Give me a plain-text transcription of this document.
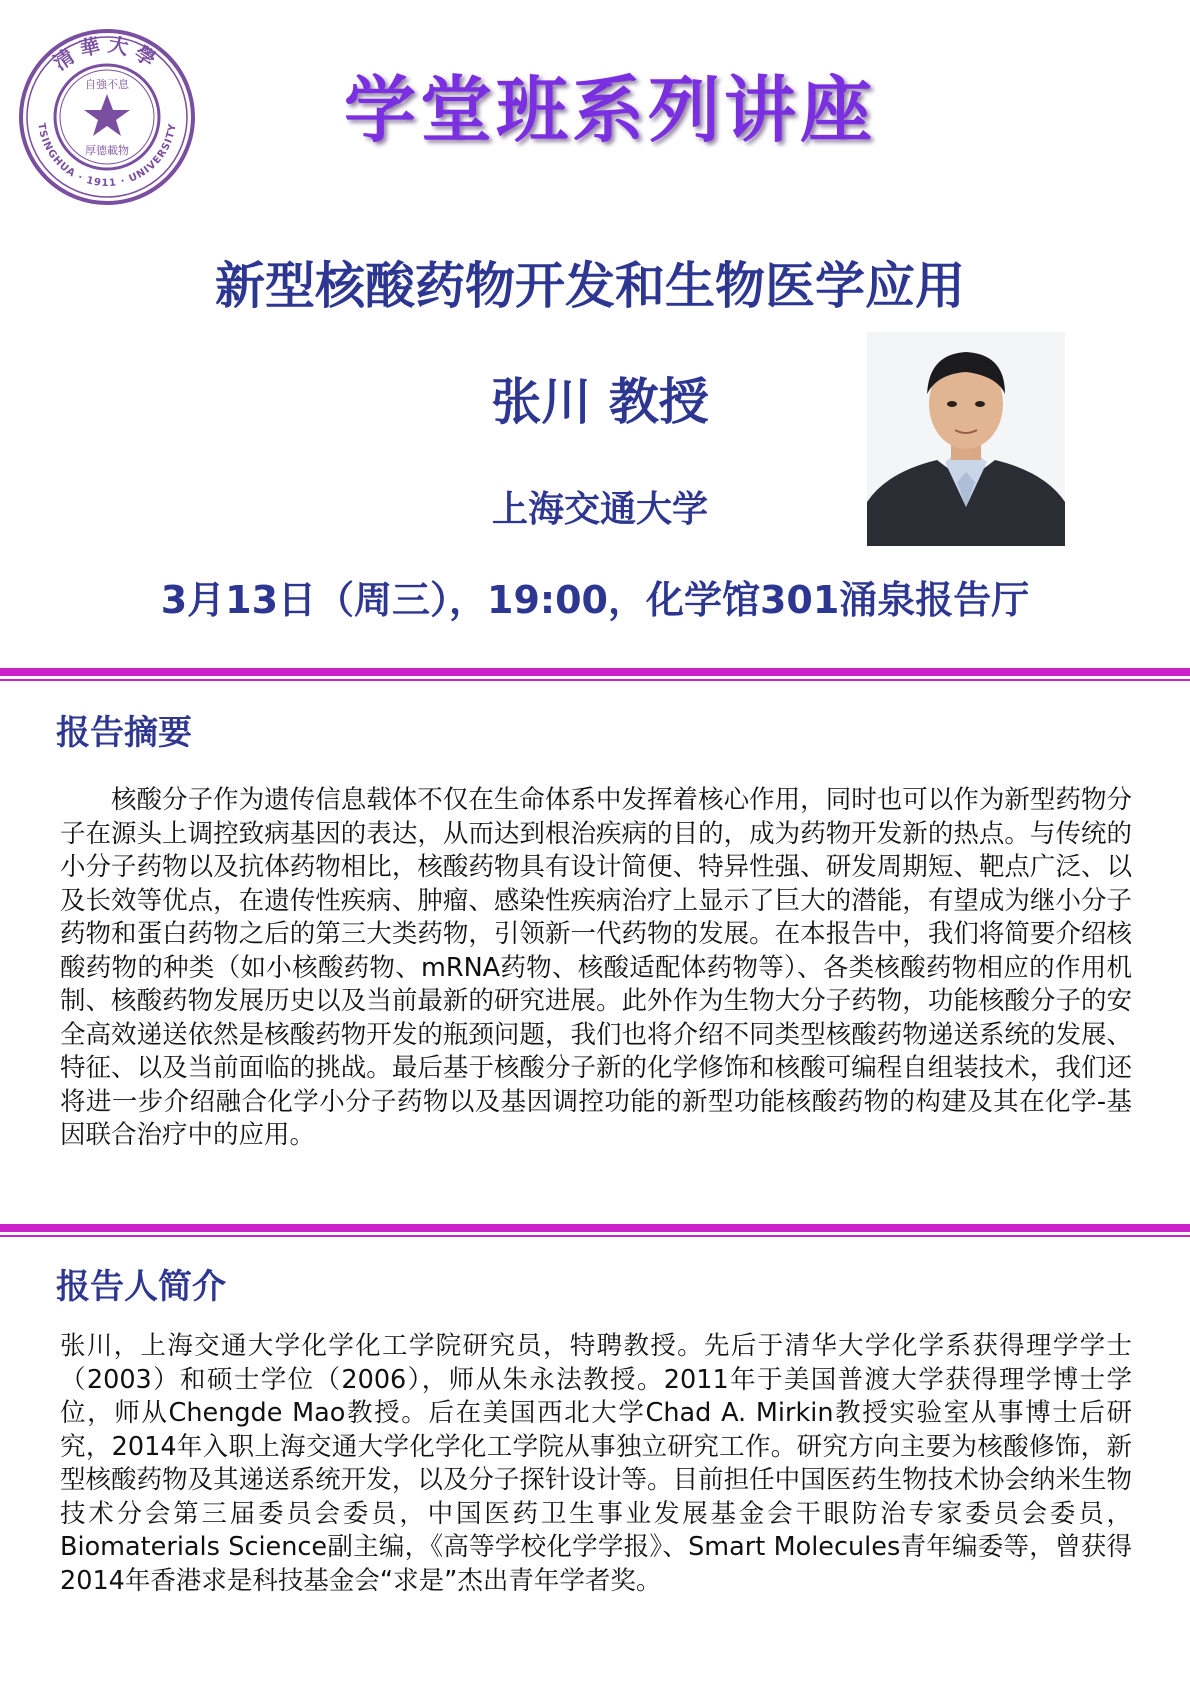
清華大學
TSINGHUA · 1911 · UNIVERSITY
自強不息
厚德載物	学堂班系列讲座
新型核酸药物开发和生物医学应用
张川 教授
上海交通大学
3月13日（周三），19:00，化学馆301涌泉报告厅
报告摘要
核酸分子作为遗传信息载体不仅在生命体系中发挥着核心作用，同时也可以作为新型药物分子在源头上调控致病基因的表达，从而达到根治疾病的目的，成为药物开发新的热点。与传统的小分子药物以及抗体药物相比，核酸药物具有设计简便、特异性强、研发周期短、靶点广泛、以及长效等优点，在遗传性疾病、肿瘤、感染性疾病治疗上显示了巨大的潜能，有望成为继小分子药物和蛋白药物之后的第三大类药物，引领新一代药物的发展。在本报告中，我们将简要介绍核酸药物的种类（如小核酸药物、mRNA药物、核酸适配体药物等）、各类核酸药物相应的作用机制、核酸药物发展历史以及当前最新的研究进展。此外作为生物大分子药物，功能核酸分子的安全高效递送依然是核酸药物开发的瓶颈问题，我们也将介绍不同类型核酸药物递送系统的发展、特征、以及当前面临的挑战。最后基于核酸分子新的化学修饰和核酸可编程自组装技术，我们还将进一步介绍融合化学小分子药物以及基因调控功能的新型功能核酸药物的构建及其在化学-基因联合治疗中的应用。
报告人简介
张川，上海交通大学化学化工学院研究员，特聘教授。先后于清华大学化学系获得理学学士（2003）和硕士学位（2006），师从朱永法教授。2011年于美国普渡大学获得理学博士学位，师从Chengde Mao教授。后在美国西北大学Chad A. Mirkin教授实验室从事博士后研究，2014年入职上海交通大学化学化工学院从事独立研究工作。研究方向主要为核酸修饰，新型核酸药物及其递送系统开发，以及分子探针设计等。目前担任中国医药生物技术协会纳米生物技术分会第三届委员会委员，中国医药卫生事业发展基金会干眼防治专家委员会委员，Biomaterials Science副主编，《高等学校化学学报》、Smart Molecules青年编委等，曾获得2014年香港求是科技基金会“求是”杰出青年学者奖。
